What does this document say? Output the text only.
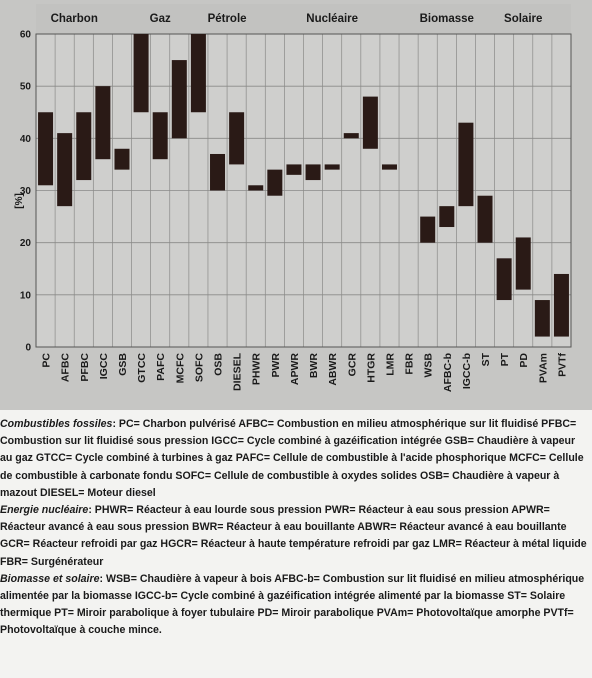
0
10
20
30
40
50
60
Charbon	Gaz	Pétrole	Nucléaire	Biomasse	Solaire
[%]
PC AFBC PFBC IGCC GSB GTCC PAFC MCFC SOFC OSB DIESEL PHWR PWR APWR BWR ABWR GCR HTGR LMR FBR WSB AFBC-b IGCC-b ST PT PD PVAm PVTf

Combustibles fossiles: PC= Charbon pulvérisé AFBC= Combustion en milieu atmosphérique sur lit fluidisé PFBC= Combustion sur lit fluidisé sous pression IGCC= Cycle combiné à gazéification intégrée GSB= Chaudière à vapeur au gaz GTCC= Cycle combiné à turbines à gaz PAFC= Cellule de combustible à l'acide phosphorique MCFC= Cellule de combustible à carbonate fondu SOFC= Cellule de combustible à oxydes solides OSB= Chaudière à vapeur à mazout DIESEL= Moteur diesel

Energie nucléaire: PHWR= Réacteur à eau lourde sous pression PWR= Réacteur à eau sous pression APWR= Réacteur avancé à eau sous pression BWR= Réacteur à eau bouillante ABWR= Réacteur avancé à eau bouillante GCR= Réacteur refroidi par gaz HGCR= Réacteur à haute température refroidi par gaz LMR= Réacteur à métal liquide FBR= Surgénérateur

Biomasse et solaire: WSB= Chaudière à vapeur à bois AFBC-b= Combustion sur lit fluidisé en milieu atmosphérique alimentée par la biomasse IGCC-b= Cycle combiné à gazéification intégrée alimenté par la biomasse ST= Solaire thermique PT= Miroir parabolique à foyer tubulaire PD= Miroir parabolique PVAm= Photovoltaïque amorphe PVTf= Photovoltaïque à couche mince.
